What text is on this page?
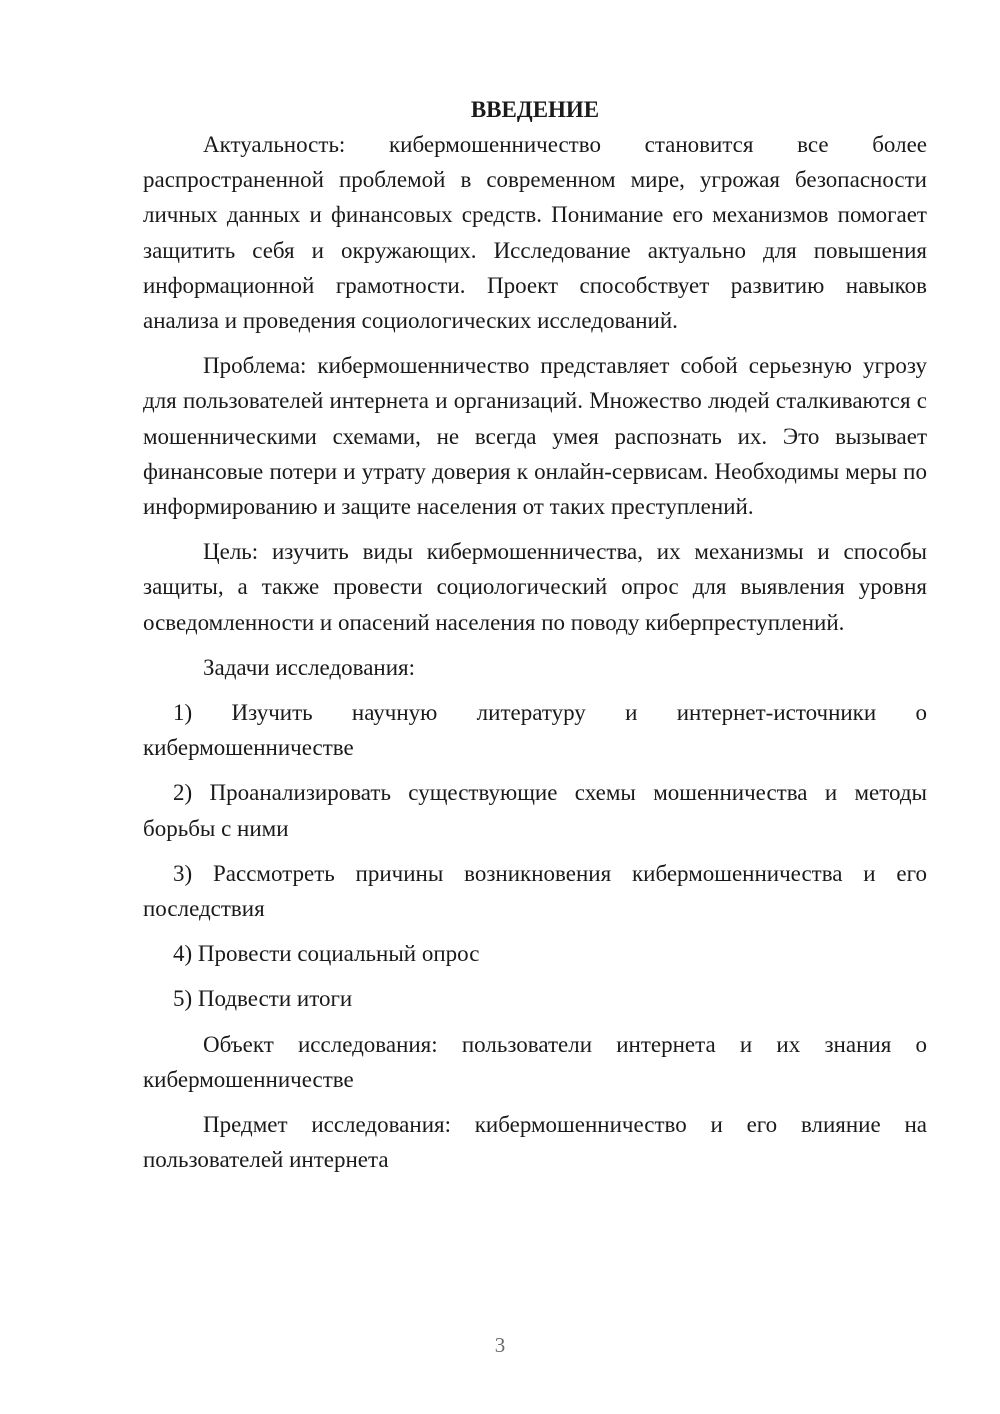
ВВЕДЕНИЕ

Актуальность: кибермошенничество становится все более распространенной проблемой в современном мире, угрожая безопасности личных данных и финансовых средств. Понимание его механизмов помогает защитить себя и окружающих. Исследование актуально для повышения информационной грамотности. Проект способствует развитию навыков анализа и проведения социологических исследований.

Проблема: кибермошенничество представляет собой серьезную угрозу для пользователей интернета и организаций. Множество людей сталкиваются с мошенническими схемами, не всегда умея распознать их. Это вызывает финансовые потери и утрату доверия к онлайн-сервисам. Необходимы меры по информированию и защите населения от таких преступлений.

Цель: изучить виды кибермошенничества, их механизмы и способы защиты, а также провести социологический опрос для выявления уровня осведомленности и опасений населения по поводу киберпреступлений.

Задачи исследования:

1) Изучить научную литературу и интернет-источники о кибермошенничестве

2) Проанализировать существующие схемы мошенничества и методы борьбы с ними

3) Рассмотреть причины возникновения кибермошенничества и его последствия

4) Провести социальный опрос

5) Подвести итоги

Объект исследования: пользователи интернета и их знания о кибермошенничестве

Предмет исследования: кибермошенничество и его влияние на пользователей интернета

3
